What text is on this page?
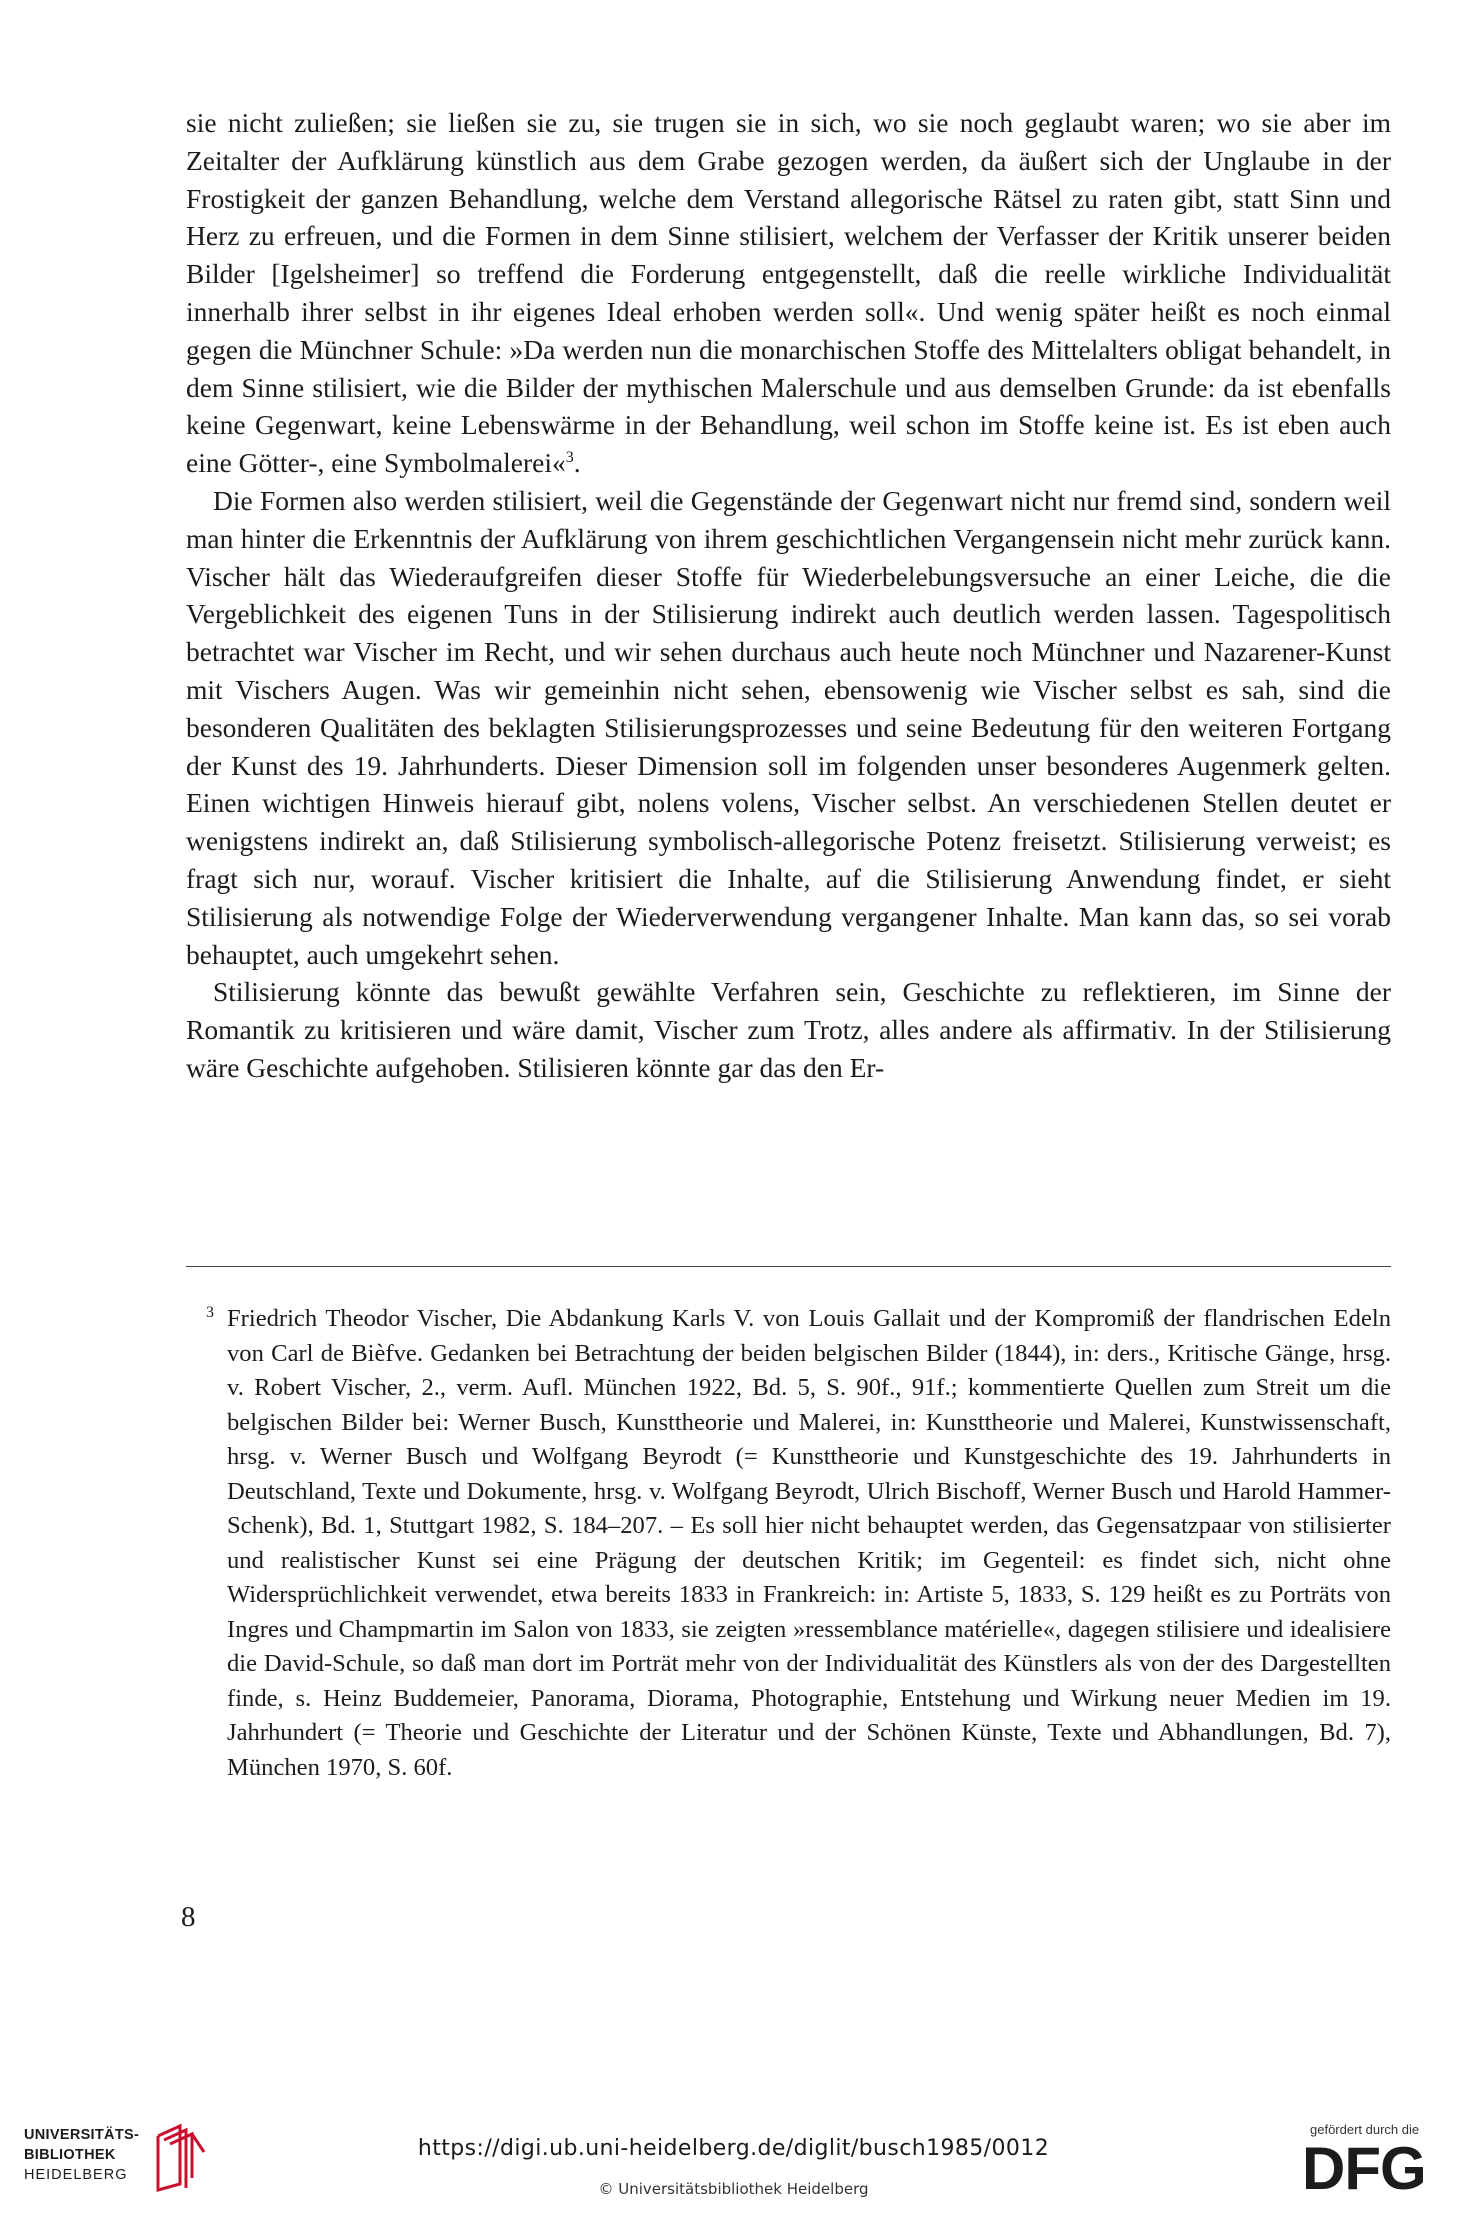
sie nicht zuließen; sie ließen sie zu, sie trugen sie in sich, wo sie noch geglaubt waren; wo sie aber im Zeitalter der Aufklärung künstlich aus dem Grabe gezogen werden, da äußert sich der Unglaube in der Frostigkeit der ganzen Behandlung, welche dem Verstand allegorische Rätsel zu raten gibt, statt Sinn und Herz zu erfreuen, und die Formen in dem Sinne stilisiert, welchem der Verfasser der Kritik unserer beiden Bilder [Igelsheimer] so treffend die Forderung entgegenstellt, daß die reelle wirkliche Individualität innerhalb ihrer selbst in ihr eigenes Ideal erhoben werden soll«. Und wenig später heißt es noch einmal gegen die Münchner Schule: »Da werden nun die monarchischen Stoffe des Mittelalters obligat behandelt, in dem Sinne stilisiert, wie die Bilder der mythischen Malerschule und aus demselben Grunde: da ist ebenfalls keine Gegenwart, keine Lebenswärme in der Behandlung, weil schon im Stoffe keine ist. Es ist eben auch eine Götter-, eine Symbolmalerei«$^3$.

Die Formen also werden stilisiert, weil die Gegenstände der Gegenwart nicht nur fremd sind, sondern weil man hinter die Erkenntnis der Aufklärung von ihrem geschichtlichen Vergangensein nicht mehr zurück kann. Vischer hält das Wiederaufgreifen dieser Stoffe für Wiederbelebungsversuche an einer Leiche, die die Vergeblichkeit des eigenen Tuns in der Stilisierung indirekt auch deutlich werden lassen. Tagespolitisch betrachtet war Vischer im Recht, und wir sehen durchaus auch heute noch Münchner und Nazarener-Kunst mit Vischers Augen. Was wir gemeinhin nicht sehen, ebensowenig wie Vischer selbst es sah, sind die besonderen Qualitäten des beklagten Stilisierungsprozesses und seine Bedeutung für den weiteren Fortgang der Kunst des 19. Jahrhunderts. Dieser Dimension soll im folgenden unser besonderes Augenmerk gelten. Einen wichtigen Hinweis hierauf gibt, nolens volens, Vischer selbst. An verschiedenen Stellen deutet er wenigstens indirekt an, daß Stilisierung symbolisch-allegorische Potenz freisetzt. Stilisierung verweist; es fragt sich nur, worauf. Vischer kritisiert die Inhalte, auf die Stilisierung Anwendung findet, er sieht Stilisierung als notwendige Folge der Wiederverwendung vergangener Inhalte. Man kann das, so sei vorab behauptet, auch umgekehrt sehen.

Stilisierung könnte das bewußt gewählte Verfahren sein, Geschichte zu reflektieren, im Sinne der Romantik zu kritisieren und wäre damit, Vischer zum Trotz, alles andere als affirmativ. In der Stilisierung wäre Geschichte aufgehoben. Stilisieren könnte gar das den Er-

3 Friedrich Theodor Vischer, Die Abdankung Karls V. von Louis Gallait und der Kompromiß der flandrischen Edeln von Carl de Bièfve. Gedanken bei Betrachtung der beiden belgischen Bilder (1844), in: ders., Kritische Gänge, hrsg. v. Robert Vischer, 2., verm. Aufl. München 1922, Bd. 5, S. 90f., 91f.; kommentierte Quellen zum Streit um die belgischen Bilder bei: Werner Busch, Kunsttheorie und Malerei, in: Kunsttheorie und Malerei, Kunstwissenschaft, hrsg. v. Werner Busch und Wolfgang Beyrodt (= Kunsttheorie und Kunstgeschichte des 19. Jahrhunderts in Deutschland, Texte und Dokumente, hrsg. v. Wolfgang Beyrodt, Ulrich Bischoff, Werner Busch und Harold Hammer-Schenk), Bd. 1, Stuttgart 1982, S. 184–207. – Es soll hier nicht behauptet werden, das Gegensatzpaar von stilisierter und realistischer Kunst sei eine Prägung der deutschen Kritik; im Gegenteil: es findet sich, nicht ohne Widersprüchlichkeit verwendet, etwa bereits 1833 in Frankreich: in: Artiste 5, 1833, S. 129 heißt es zu Porträts von Ingres und Champmartin im Salon von 1833, sie zeigten »ressemblance matérielle«, dagegen stilisiere und idealisiere die David-Schule, so daß man dort im Porträt mehr von der Individualität des Künstlers als von der des Dargestellten finde, s. Heinz Buddemeier, Panorama, Diorama, Photographie, Entstehung und Wirkung neuer Medien im 19. Jahrhundert (= Theorie und Geschichte der Literatur und der Schönen Künste, Texte und Abhandlungen, Bd. 7), München 1970, S. 60f.
8
UNIVERSITÄTS-
BIBLIOTHEK
HEIDELBERG
https://digi.ub.uni-heidelberg.de/diglit/busch1985/0012
© Universitätsbibliothek Heidelberg
gefördert durch die
DFG
